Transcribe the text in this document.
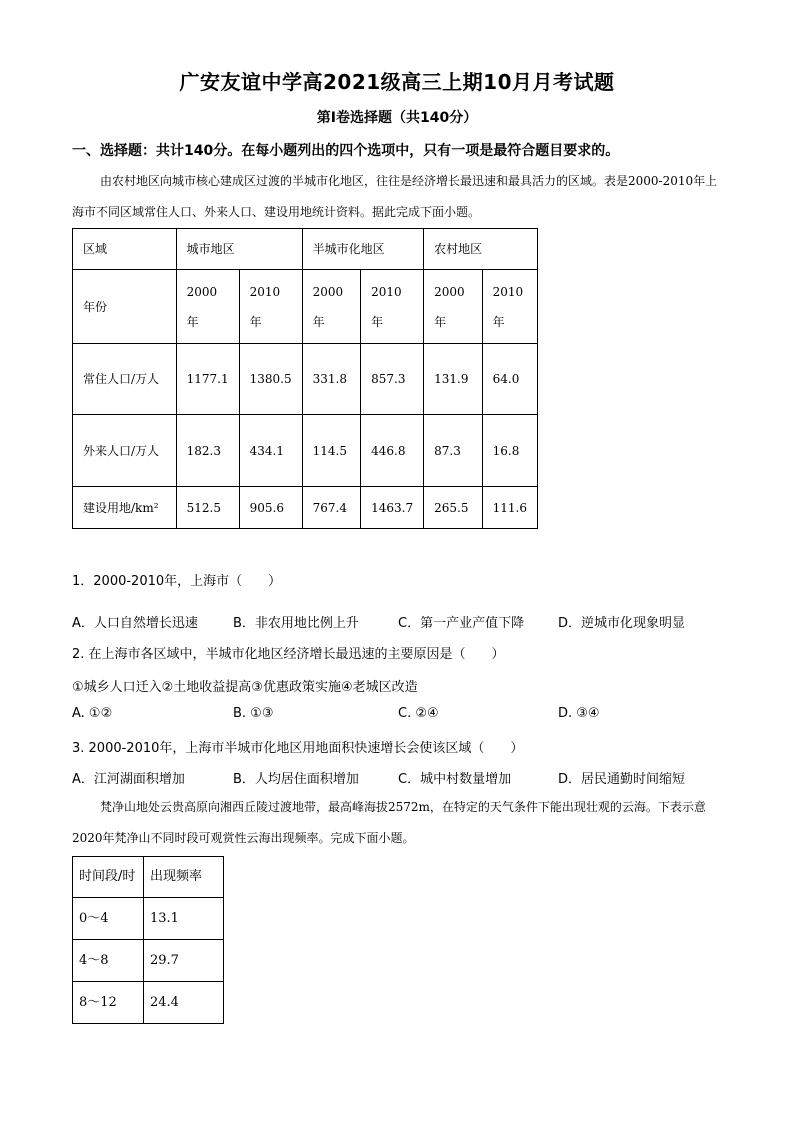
广安友谊中学高2021级高三上期10月月考试题
第Ⅰ卷选择题（共140分）
一、选择题：共计140分。在每小题列出的四个选项中，只有一项是最符合题目要求的。
由农村地区向城市核心建成区过渡的半城市化地区，往往是经济增长最迅速和最具活力的区域。表是2000-2010年上海市不同区域常住人口、外来人口、建设用地统计资料。据此完成下面小题。
区域	城市地区		半城市化地区		农村地区	
年份	2000年	2010年	2000年	2010年	2000年	2010年
常住人口/万人	1177.1	1380.5	331.8	857.3	131.9	64.0
外来人口/万人	182.3	434.1	114.5	446.8	87.3	16.8
建设用地/km²	512.5	905.6	767.4	1463.7	265.5	111.6
1．2000-2010年，上海市（　　）
A．人口自然增长迅速	B．非农用地比例上升	C．第一产业产值下降	D．逆城市化现象明显
2. 在上海市各区域中，半城市化地区经济增长最迅速的主要原因是（　　）
①城乡人口迁入②土地收益提高③优惠政策实施④老城区改造
A. ①②	B. ①③	C. ②④	D. ③④
3. 2000-2010年，上海市半城市化地区用地面积快速增长会使该区域（　　）
A．江河湖面积增加	B．人均居住面积增加	C．城中村数量增加	D．居民通勤时间缩短
梵净山地处云贵高原向湘西丘陵过渡地带，最高峰海拔2572m，在特定的天气条件下能出现壮观的云海。下表示意2020年梵净山不同时段可观赏性云海出现频率。完成下面小题。
时间段/时	出现频率
0～4	13.1
4～8	29.7
8～12	24.4
